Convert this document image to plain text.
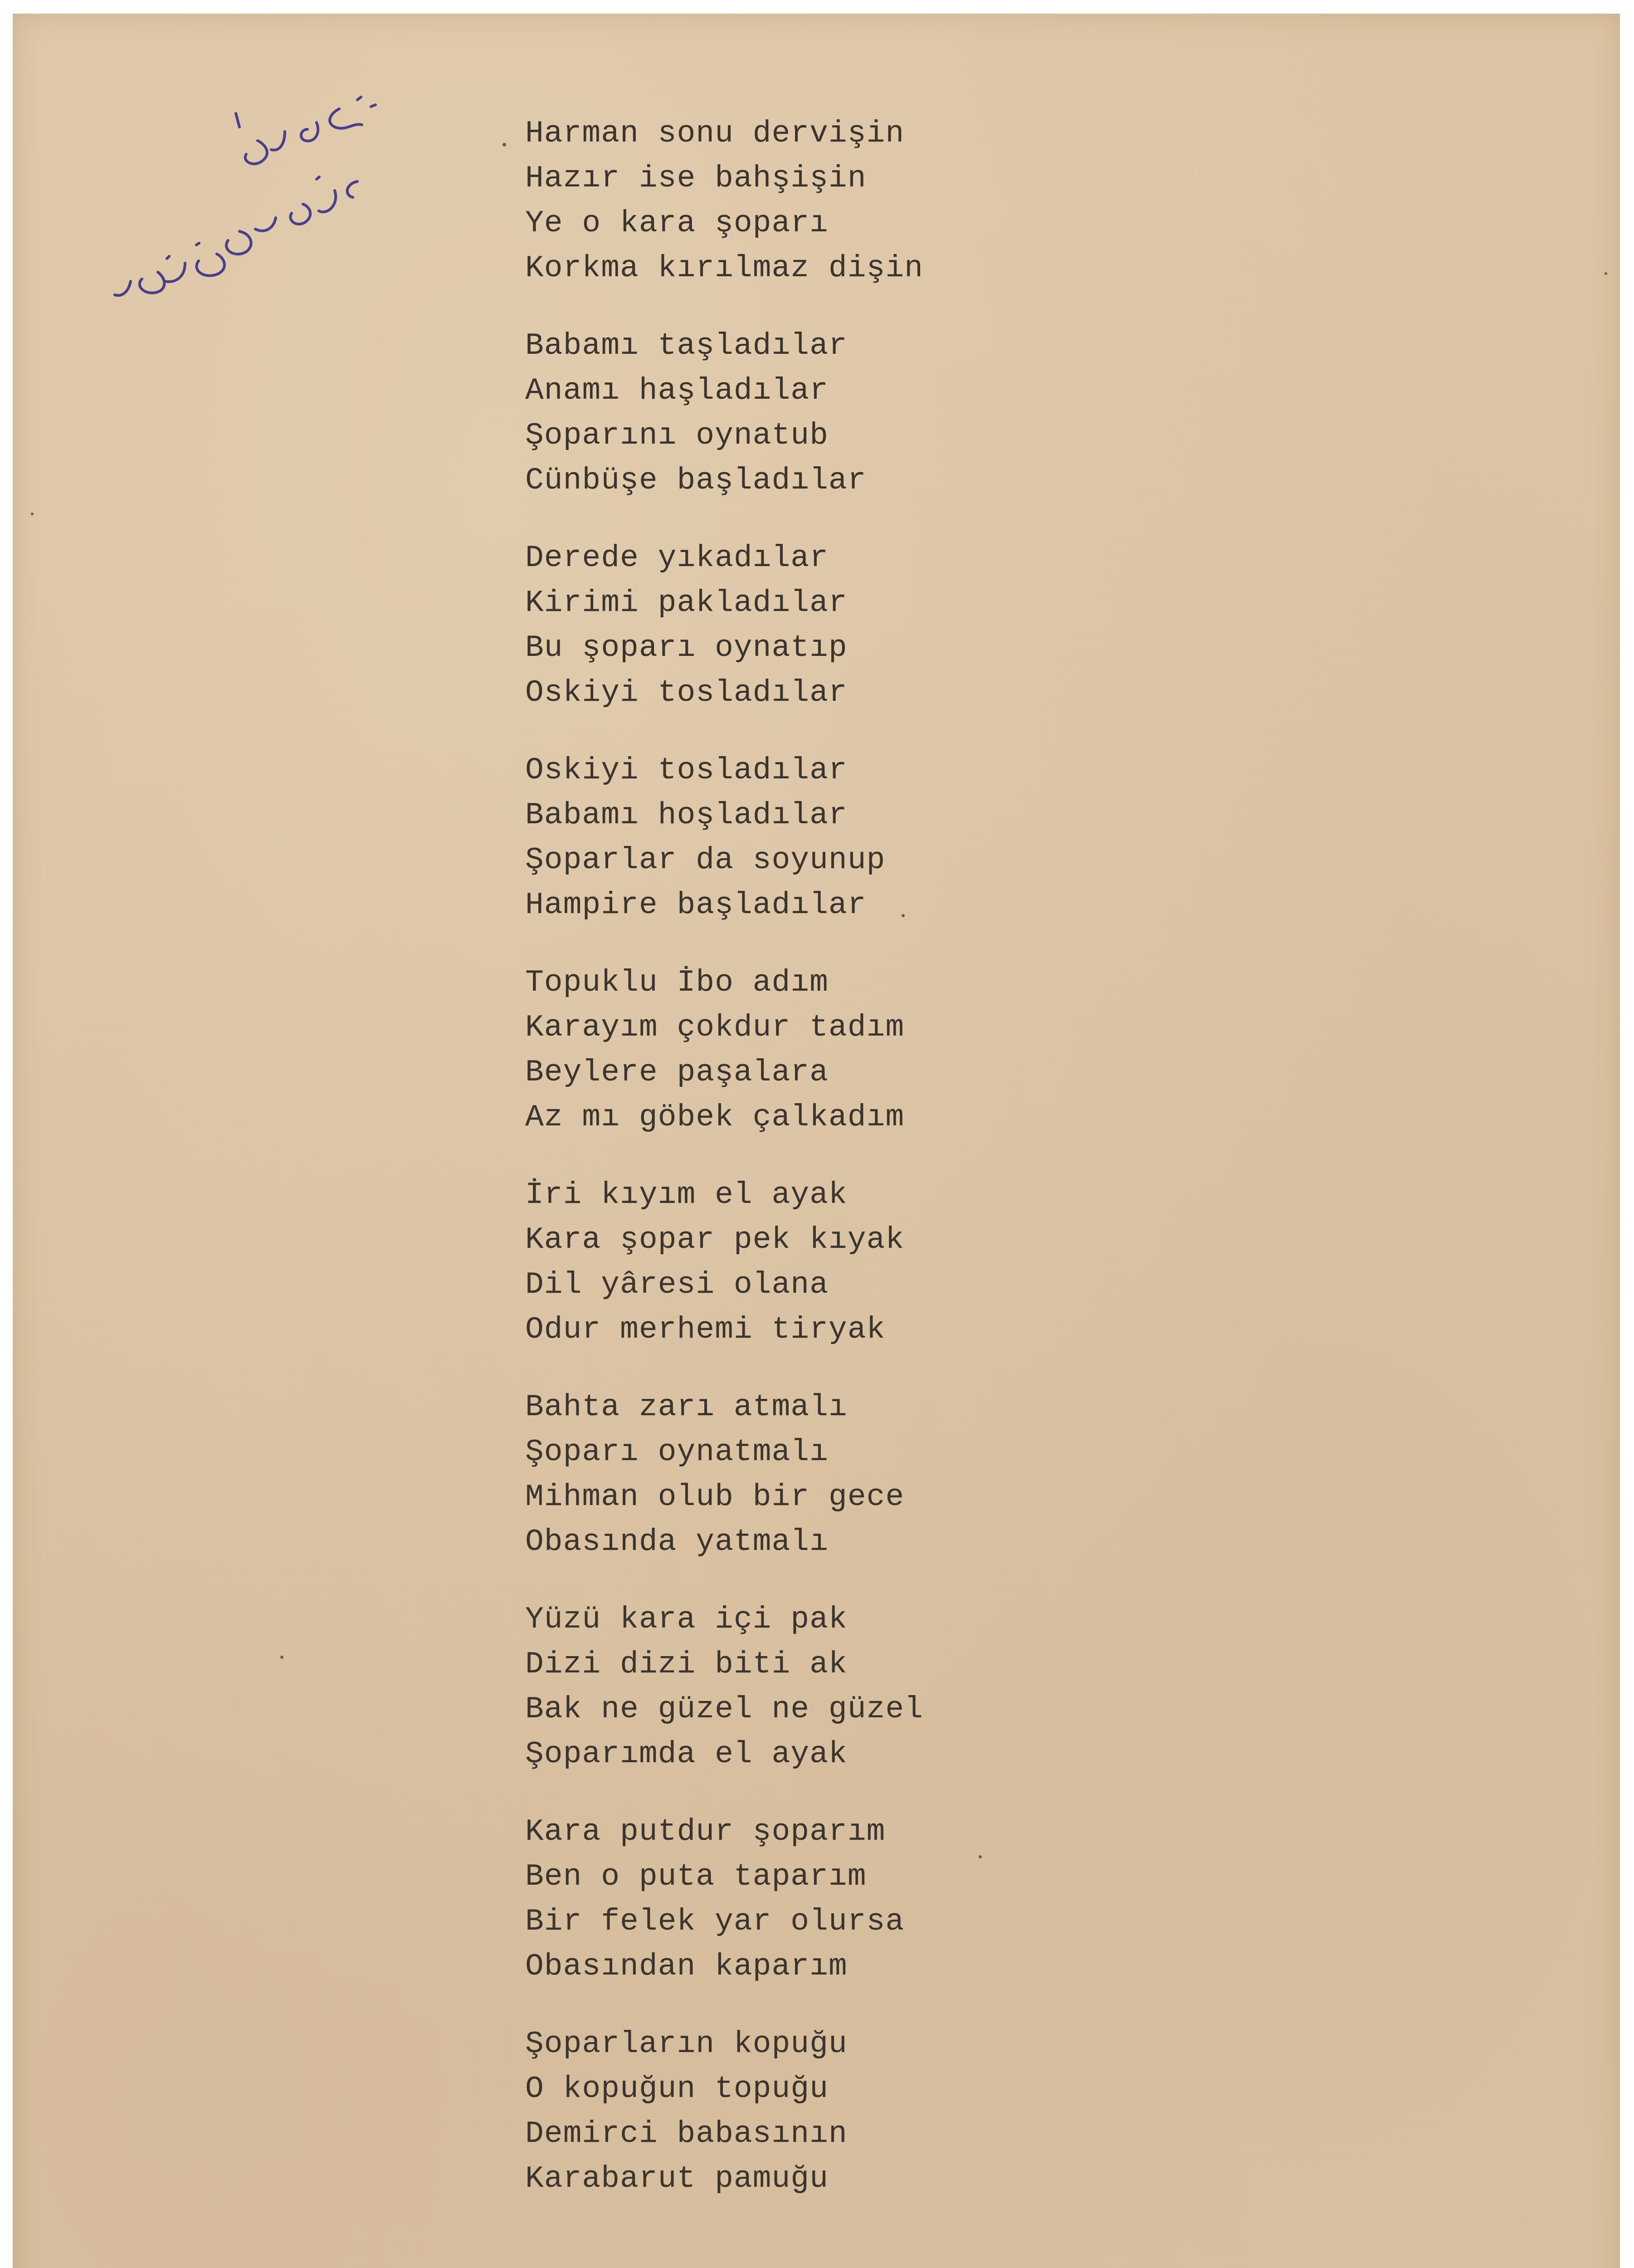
Harman sonu dervişin
Hazır ise bahşişin
Ye o kara şoparı
Korkma kırılmaz dişin
Babamı taşladılar
Anamı haşladılar
Şoparını oynatub
Cünbüşe başladılar
Derede yıkadılar
Kirimi pakladılar
Bu şoparı oynatıp
Oskiyi tosladılar
Oskiyi tosladılar
Babamı hoşladılar
Şoparlar da soyunup
Hampire başladılar
Topuklu İbo adım
Karayım çokdur tadım
Beylere paşalara
Az mı göbek çalkadım
İri kıyım el ayak
Kara şopar pek kıyak
Dil yâresi olana
Odur merhemi tiryak
Bahta zarı atmalı
Şoparı oynatmalı
Mihman olub bir gece
Obasında yatmalı
Yüzü kara içi pak
Dizi dizi biti ak
Bak ne güzel ne güzel
Şoparımda el ayak
Kara putdur şoparım
Ben o puta taparım
Bir felek yar olursa
Obasından kaparım
Şoparların kopuğu
O kopuğun topuğu
Demirci babasının
Karabarut pamuğu
